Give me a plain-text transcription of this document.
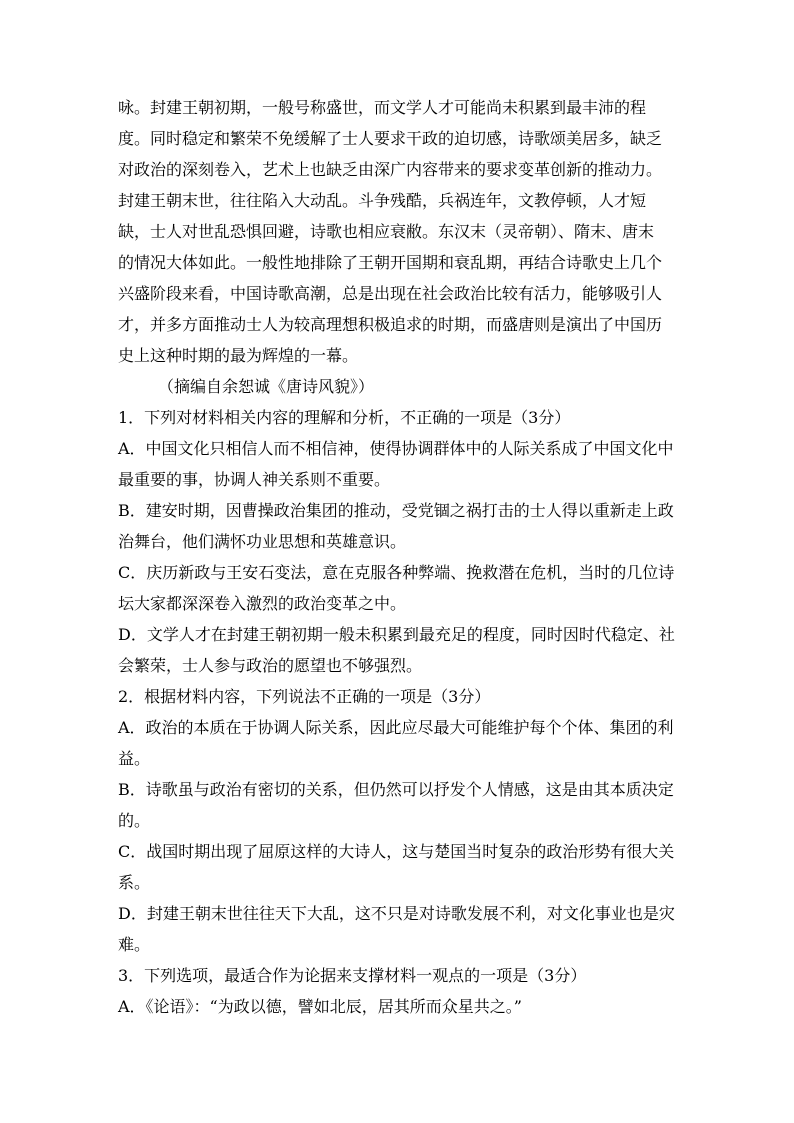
咏。封建王朝初期，一般号称盛世，而文学人才可能尚未积累到最丰沛的程
度。同时稳定和繁荣不免缓解了士人要求干政的迫切感，诗歌颂美居多，缺乏
对政治的深刻卷入，艺术上也缺乏由深广内容带来的要求变革创新的推动力。
封建王朝末世，往往陷入大动乱。斗争残酷，兵祸连年，文教停顿，人才短
缺，士人对世乱恐惧回避，诗歌也相应衰敝。东汉末（灵帝朝）、隋末、唐末
的情况大体如此。一般性地排除了王朝开国期和衰乱期，再结合诗歌史上几个
兴盛阶段来看，中国诗歌高潮，总是出现在社会政治比较有活力，能够吸引人
才，并多方面推动士人为较高理想积极追求的时期，而盛唐则是演出了中国历
史上这种时期的最为辉煌的一幕。
（摘编自余恕诚《唐诗风貌》）
1．下列对材料相关内容的理解和分析，不正确的一项是（3分）
A．中国文化只相信人而不相信神，使得协调群体中的人际关系成了中国文化中
最重要的事，协调人神关系则不重要。
B．建安时期，因曹操政治集团的推动，受党锢之祸打击的士人得以重新走上政
治舞台，他们满怀功业思想和英雄意识。
C．庆历新政与王安石变法，意在克服各种弊端、挽救潜在危机，当时的几位诗
坛大家都深深卷入激烈的政治变革之中。
D．文学人才在封建王朝初期一般未积累到最充足的程度，同时因时代稳定、社
会繁荣，士人参与政治的愿望也不够强烈。
2．根据材料内容，下列说法不正确的一项是（3分）
A．政治的本质在于协调人际关系，因此应尽最大可能维护每个个体、集团的利
益。
B．诗歌虽与政治有密切的关系，但仍然可以抒发个人情感，这是由其本质决定
的。
C．战国时期出现了屈原这样的大诗人，这与楚国当时复杂的政治形势有很大关
系。
D．封建王朝末世往往天下大乱，这不只是对诗歌发展不利，对文化事业也是灾
难。
3．下列选项，最适合作为论据来支撑材料一观点的一项是（3分）
A．《论语》：“为政以德，譬如北辰，居其所而众星共之。”
